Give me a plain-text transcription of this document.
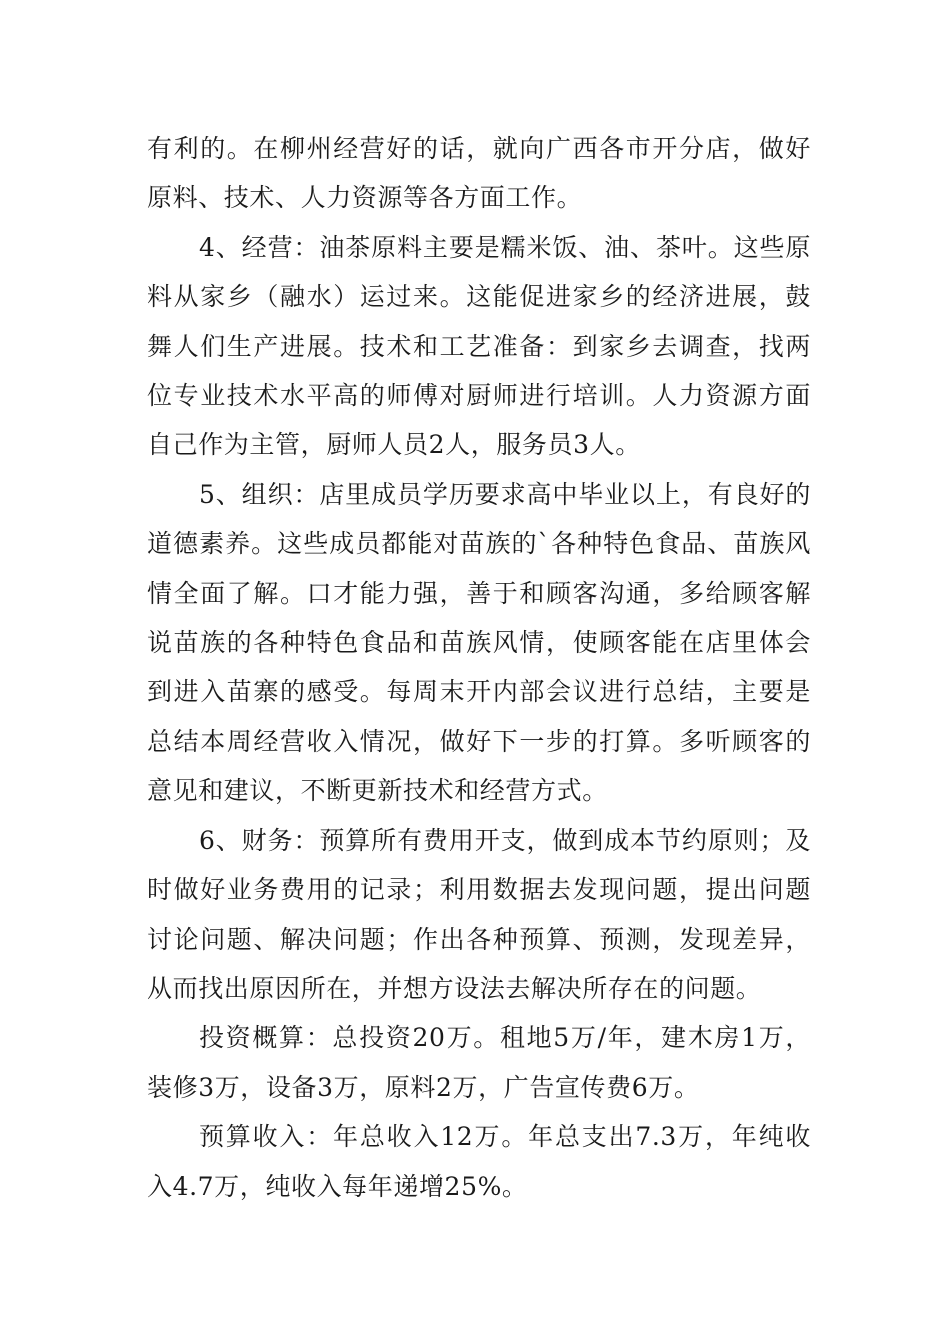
有利的。在柳州经营好的话，就向广西各市开分店，做好原料、技术、人力资源等各方面工作。

4、经营：油茶原料主要是糯米饭、油、茶叶。这些原料从家乡（融水）运过来。这能促进家乡的经济进展，鼓舞人们生产进展。技术和工艺准备：到家乡去调查，找两位专业技术水平高的师傅对厨师进行培训。人力资源方面自己作为主管，厨师人员2人，服务员3人。

5、组织：店里成员学历要求高中毕业以上，有良好的道德素养。这些成员都能对苗族的`各种特色食品、苗族风情全面了解。口才能力强，善于和顾客沟通，多给顾客解说苗族的各种特色食品和苗族风情，使顾客能在店里体会到进入苗寨的感受。每周末开内部会议进行总结，主要是总结本周经营收入情况，做好下一步的打算。多听顾客的意见和建议，不断更新技术和经营方式。

6、财务：预算所有费用开支，做到成本节约原则；及时做好业务费用的记录；利用数据去发现问题，提出问题讨论问题、解决问题；作出各种预算、预测，发现差异，从而找出原因所在，并想方设法去解决所存在的问题。

投资概算：总投资20万。租地5万/年，建木房1万，装修3万，设备3万，原料2万，广告宣传费6万。

预算收入：年总收入12万。年总支出7.3万，年纯收入4.7万，纯收入每年递增25%。
